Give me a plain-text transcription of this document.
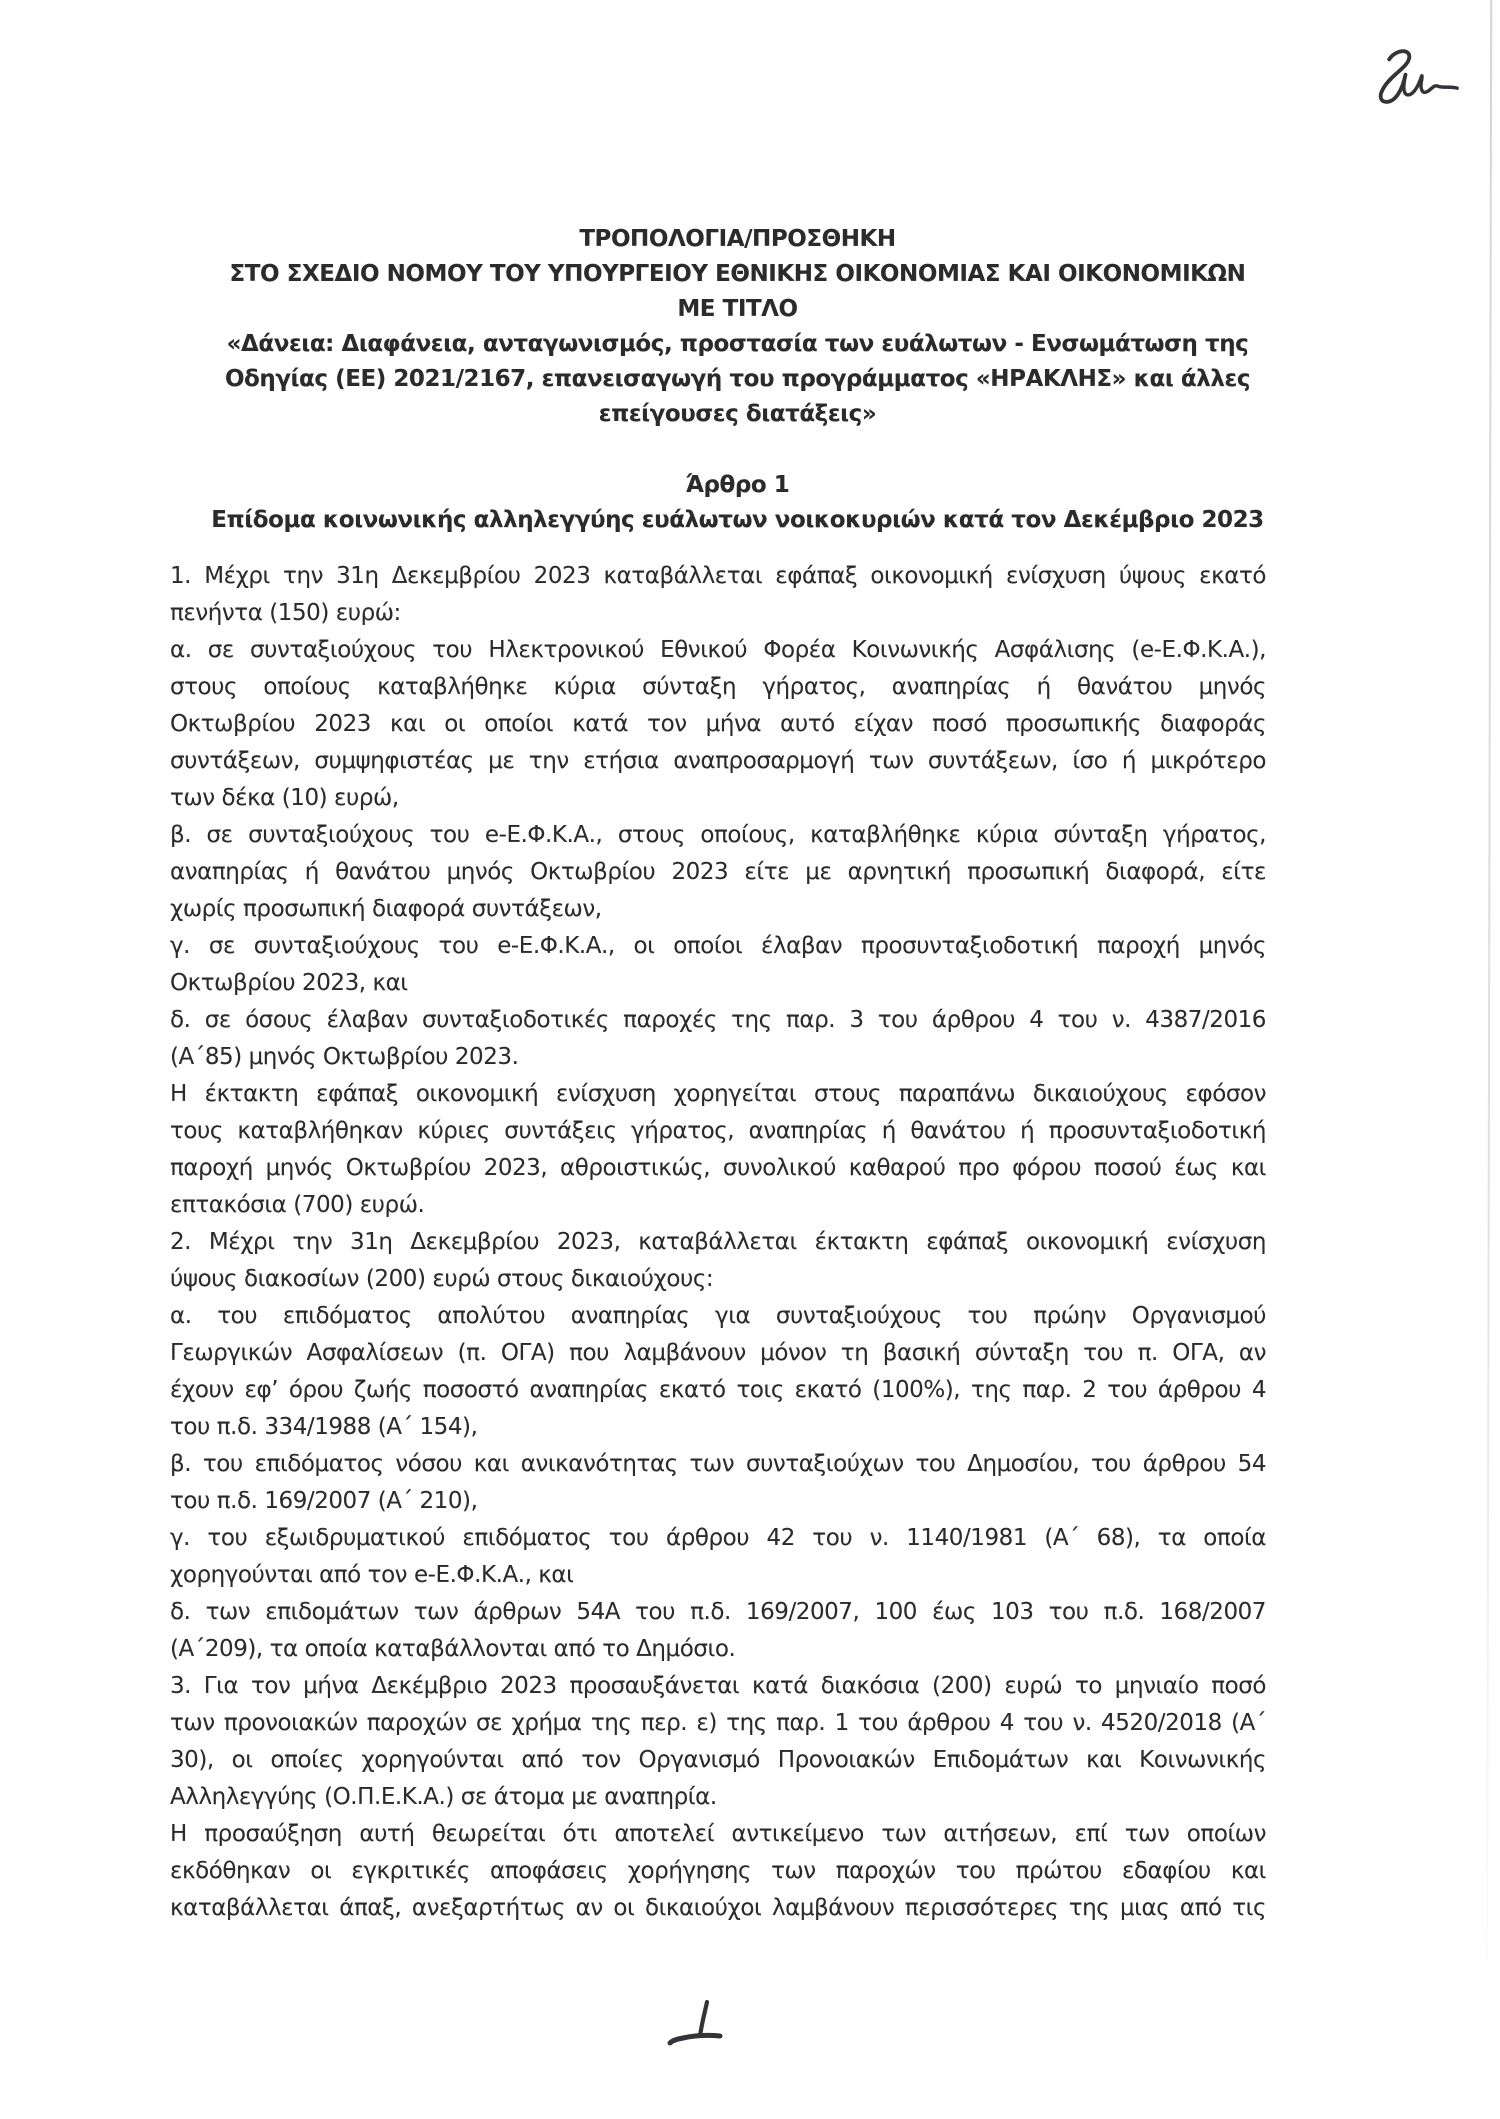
ΤΡΟΠΟΛΟΓΙΑ/ΠΡΟΣΘΗΚΗ
ΣΤΟ ΣΧΕΔΙΟ ΝΟΜΟΥ ΤΟΥ ΥΠΟΥΡΓΕΙΟΥ ΕΘΝΙΚΗΣ ΟΙΚΟΝΟΜΙΑΣ ΚΑΙ ΟΙΚΟΝΟΜΙΚΩΝ
ΜΕ ΤΙΤΛΟ
«Δάνεια: Διαφάνεια, ανταγωνισμός, προστασία των ευάλωτων - Ενσωμάτωση της
Οδηγίας (ΕΕ) 2021/2167, επανεισαγωγή του προγράμματος «ΗΡΑΚΛΗΣ» και άλλες
επείγουσες διατάξεις»
Άρθρο 1
Επίδομα κοινωνικής αλληλεγγύης ευάλωτων νοικοκυριών κατά τον Δεκέμβριο 2023
1. Μέχρι την 31η Δεκεμβρίου 2023 καταβάλλεται εφάπαξ οικονομική ενίσχυση ύψους εκατό
πενήντα (150) ευρώ:
α. σε συνταξιούχους του Ηλεκτρονικού Εθνικού Φορέα Κοινωνικής Ασφάλισης (e-Ε.Φ.Κ.Α.),
στους οποίους καταβλήθηκε κύρια σύνταξη γήρατος, αναπηρίας ή θανάτου μηνός
Οκτωβρίου 2023 και οι οποίοι κατά τον μήνα αυτό είχαν ποσό προσωπικής διαφοράς
συντάξεων, συμψηφιστέας με την ετήσια αναπροσαρμογή των συντάξεων, ίσο ή μικρότερο
των δέκα (10) ευρώ,
β. σε συνταξιούχους του e-Ε.Φ.Κ.Α., στους οποίους, καταβλήθηκε κύρια σύνταξη γήρατος,
αναπηρίας ή θανάτου μηνός Οκτωβρίου 2023 είτε με αρνητική προσωπική διαφορά, είτε
χωρίς προσωπική διαφορά συντάξεων,
γ. σε συνταξιούχους του e-Ε.Φ.Κ.Α., οι οποίοι έλαβαν προσυνταξιοδοτική παροχή μηνός
Οκτωβρίου 2023, και
δ. σε όσους έλαβαν συνταξιοδοτικές παροχές της παρ. 3 του άρθρου 4 του ν. 4387/2016
(Α΄85) μηνός Οκτωβρίου 2023.
Η έκτακτη εφάπαξ οικονομική ενίσχυση χορηγείται στους παραπάνω δικαιούχους εφόσον
τους καταβλήθηκαν κύριες συντάξεις γήρατος, αναπηρίας ή θανάτου ή προσυνταξιοδοτική
παροχή μηνός Οκτωβρίου 2023, αθροιστικώς, συνολικού καθαρού προ φόρου ποσού έως και
επτακόσια (700) ευρώ.
2. Μέχρι την 31η Δεκεμβρίου 2023, καταβάλλεται έκτακτη εφάπαξ οικονομική ενίσχυση
ύψους διακοσίων (200) ευρώ στους δικαιούχους:
α. του επιδόματος απολύτου αναπηρίας για συνταξιούχους του πρώην Οργανισμού
Γεωργικών Ασφαλίσεων (π. ΟΓΑ) που λαμβάνουν μόνον τη βασική σύνταξη του π. ΟΓΑ, αν
έχουν εφ’ όρου ζωής ποσοστό αναπηρίας εκατό τοις εκατό (100%), της παρ. 2 του άρθρου 4
του π.δ. 334/1988 (Α΄ 154),
β. του επιδόματος νόσου και ανικανότητας των συνταξιούχων του Δημοσίου, του άρθρου 54
του π.δ. 169/2007 (Α΄ 210),
γ. του εξωιδρυματικού επιδόματος του άρθρου 42 του ν. 1140/1981 (Α΄ 68), τα οποία
χορηγούνται από τον e-Ε.Φ.Κ.Α., και
δ. των επιδομάτων των άρθρων 54Α του π.δ. 169/2007, 100 έως 103 του π.δ. 168/2007
(Α΄209), τα οποία καταβάλλονται από το Δημόσιο.
3. Για τον μήνα Δεκέμβριο 2023 προσαυξάνεται κατά διακόσια (200) ευρώ το μηνιαίο ποσό
των προνοιακών παροχών σε χρήμα της περ. ε) της παρ. 1 του άρθρου 4 του ν. 4520/2018 (Α΄
30), οι οποίες χορηγούνται από τον Οργανισμό Προνοιακών Επιδομάτων και Κοινωνικής
Αλληλεγγύης (Ο.Π.Ε.Κ.Α.) σε άτομα με αναπηρία.
Η προσαύξηση αυτή θεωρείται ότι αποτελεί αντικείμενο των αιτήσεων, επί των οποίων
εκδόθηκαν οι εγκριτικές αποφάσεις χορήγησης των παροχών του πρώτου εδαφίου και
καταβάλλεται άπαξ, ανεξαρτήτως αν οι δικαιούχοι λαμβάνουν περισσότερες της μιας από τις
